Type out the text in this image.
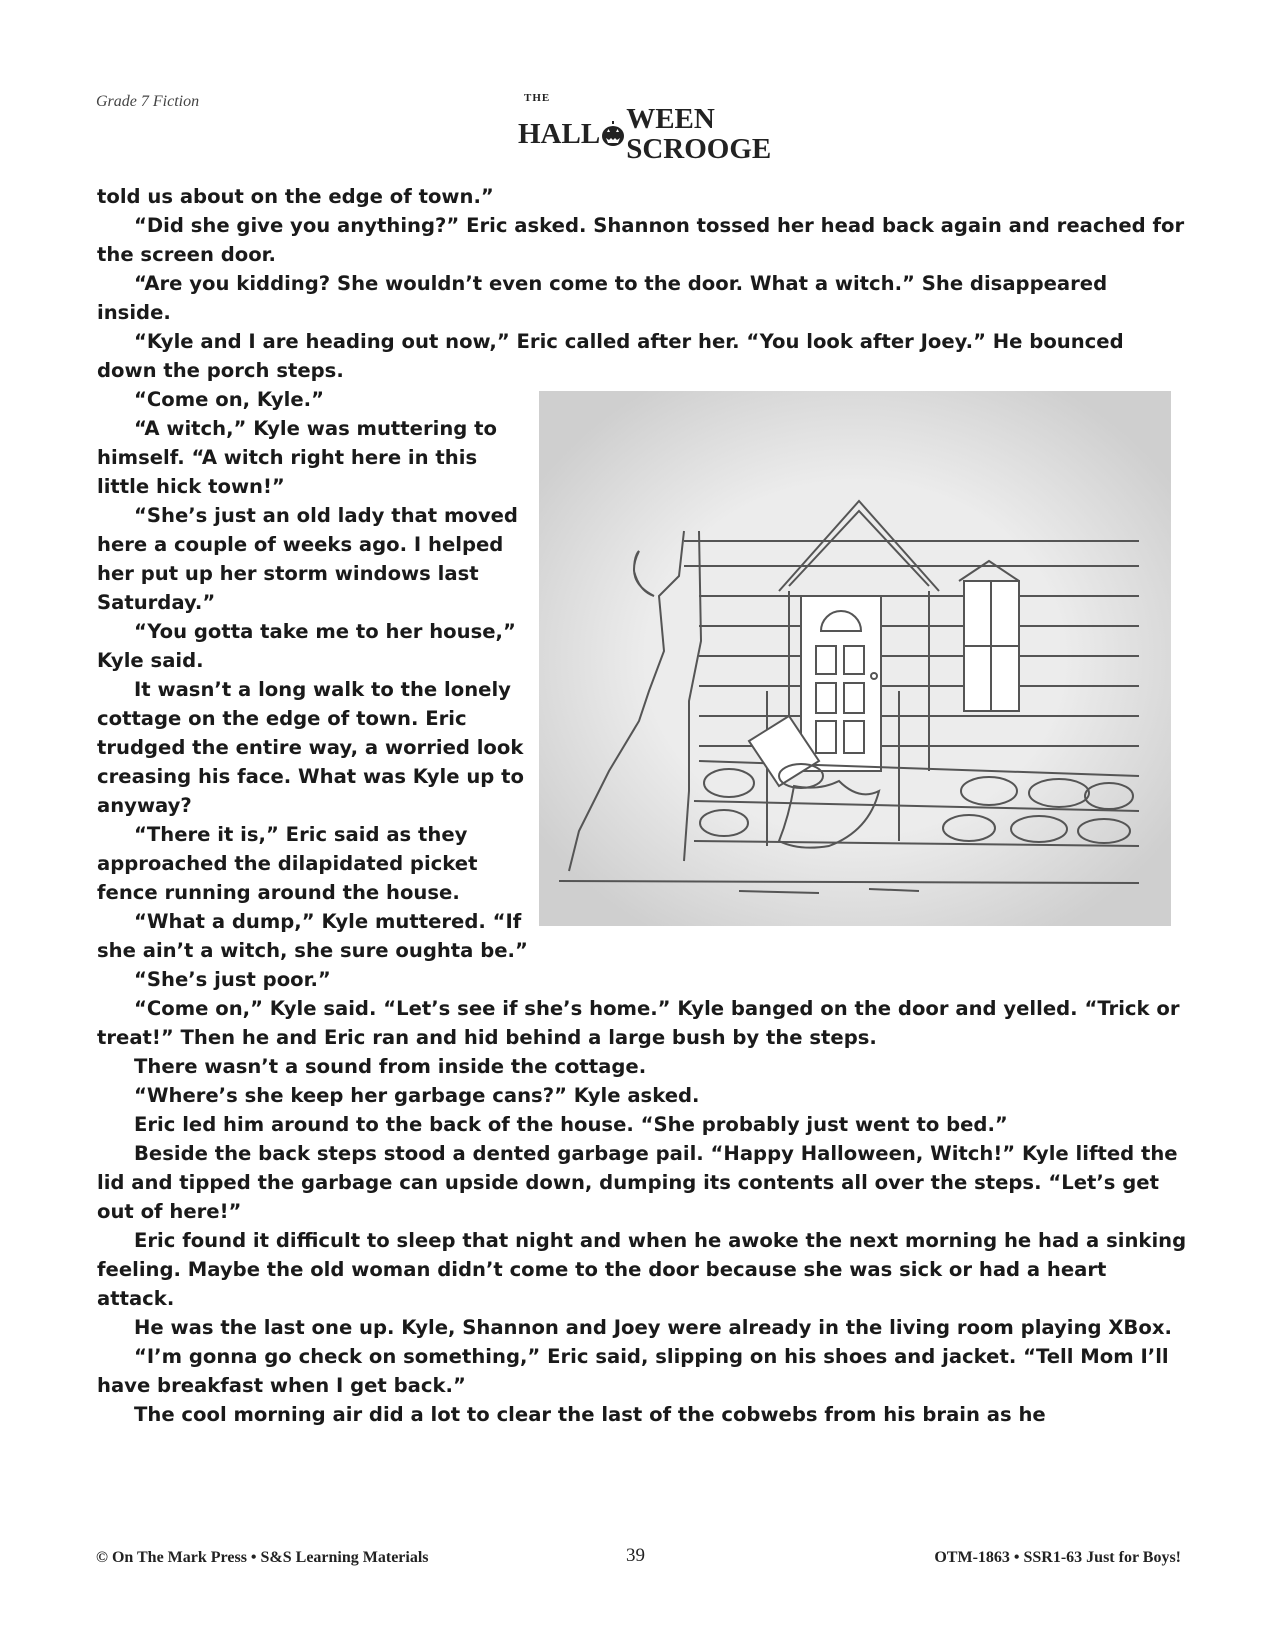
Grade 7 Fiction	THE
HALL WEEN SCROOGE

told us about on the edge of town.”

“Did she give you anything?” Eric asked. Shannon tossed her head back again and reached for the screen door.

“Are you kidding? She wouldn’t even come to the door. What a witch.” She disappeared inside.

“Kyle and I are heading out now,” Eric called after her. “You look after Joey.” He bounced down the porch steps.

“Come on, Kyle.”

“A witch,” Kyle was muttering to himself. “A witch right here in this little hick town!”

“She’s just an old lady that moved here a couple of weeks ago. I helped her put up her storm windows last Saturday.”

“You gotta take me to her house,” Kyle said.

It wasn’t a long walk to the lonely cottage on the edge of town. Eric trudged the entire way, a worried look creasing his face. What was Kyle up to anyway?

“There it is,” Eric said as they approached the dilapidated picket fence running around the house.

“What a dump,” Kyle muttered. “If she ain’t a witch, she sure oughta be.”

“She’s just poor.”

“Come on,” Kyle said. “Let’s see if she’s home.” Kyle banged on the door and yelled. “Trick or treat!” Then he and Eric ran and hid behind a large bush by the steps.

There wasn’t a sound from inside the cottage.

“Where’s she keep her garbage cans?” Kyle asked.

Eric led him around to the back of the house. “She probably just went to bed.”

Beside the back steps stood a dented garbage pail. “Happy Halloween, Witch!” Kyle lifted the lid and tipped the garbage can upside down, dumping its contents all over the steps. “Let’s get out of here!”

Eric found it difficult to sleep that night and when he awoke the next morning he had a sinking feeling. Maybe the old woman didn’t come to the door because she was sick or had a heart attack.

He was the last one up. Kyle, Shannon and Joey were already in the living room playing XBox.

“I’m gonna go check on something,” Eric said, slipping on his shoes and jacket. “Tell Mom I’ll have breakfast when I get back.”

The cool morning air did a lot to clear the last of the cobwebs from his brain as he

© On The Mark Press • S&S Learning Materials	39	OTM-1863 • SSR1-63 Just for Boys!
